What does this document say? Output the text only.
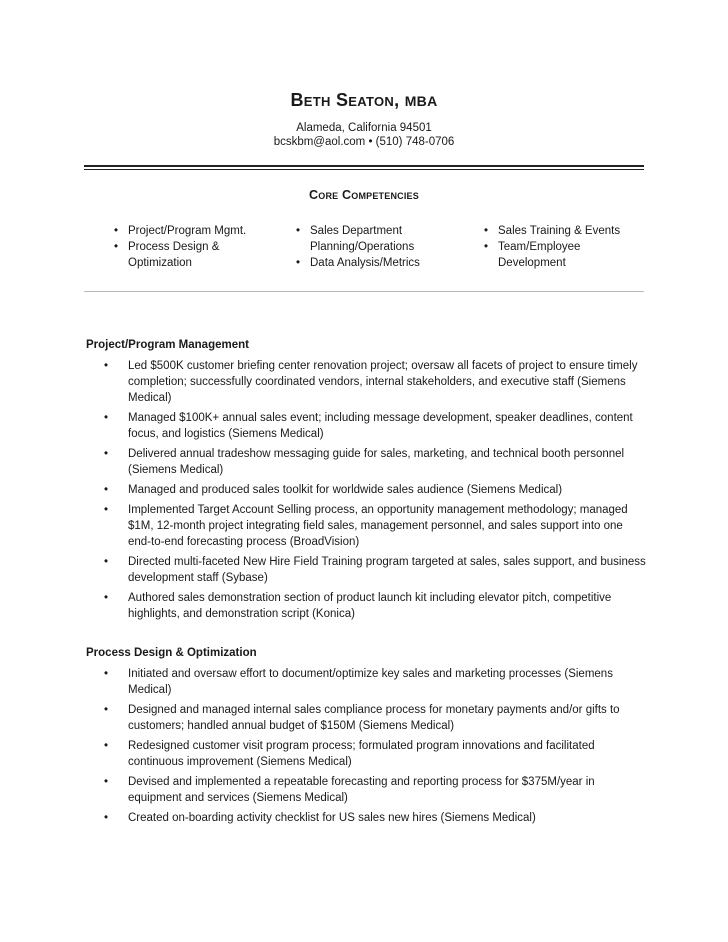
Beth Seaton, MBA
Alameda, California 94501
bcskbm@aol.com • (510) 748-0706
Core Competencies
• Project/Program Mgmt.
• Process Design & Optimization
• Sales Department Planning/Operations
• Data Analysis/Metrics
• Sales Training & Events
• Team/Employee Development
Project/Program Management
• Led $500K customer briefing center renovation project; oversaw all facets of project to ensure timely completion; successfully coordinated vendors, internal stakeholders, and executive staff (Siemens Medical)
• Managed $100K+ annual sales event; including message development, speaker deadlines, content focus, and logistics (Siemens Medical)
• Delivered annual tradeshow messaging guide for sales, marketing, and technical booth personnel (Siemens Medical)
• Managed and produced sales toolkit for worldwide sales audience (Siemens Medical)
• Implemented Target Account Selling process, an opportunity management methodology; managed $1M, 12-month project integrating field sales, management personnel, and sales support into one end-to-end forecasting process (BroadVision)
• Directed multi-faceted New Hire Field Training program targeted at sales, sales support, and business development staff (Sybase)
• Authored sales demonstration section of product launch kit including elevator pitch, competitive highlights, and demonstration script (Konica)
Process Design & Optimization
• Initiated and oversaw effort to document/optimize key sales and marketing processes (Siemens Medical)
• Designed and managed internal sales compliance process for monetary payments and/or gifts to customers; handled annual budget of $150M (Siemens Medical)
• Redesigned customer visit program process; formulated program innovations and facilitated continuous improvement (Siemens Medical)
• Devised and implemented a repeatable forecasting and reporting process for $375M/year in equipment and services (Siemens Medical)
• Created on-boarding activity checklist for US sales new hires (Siemens Medical)
